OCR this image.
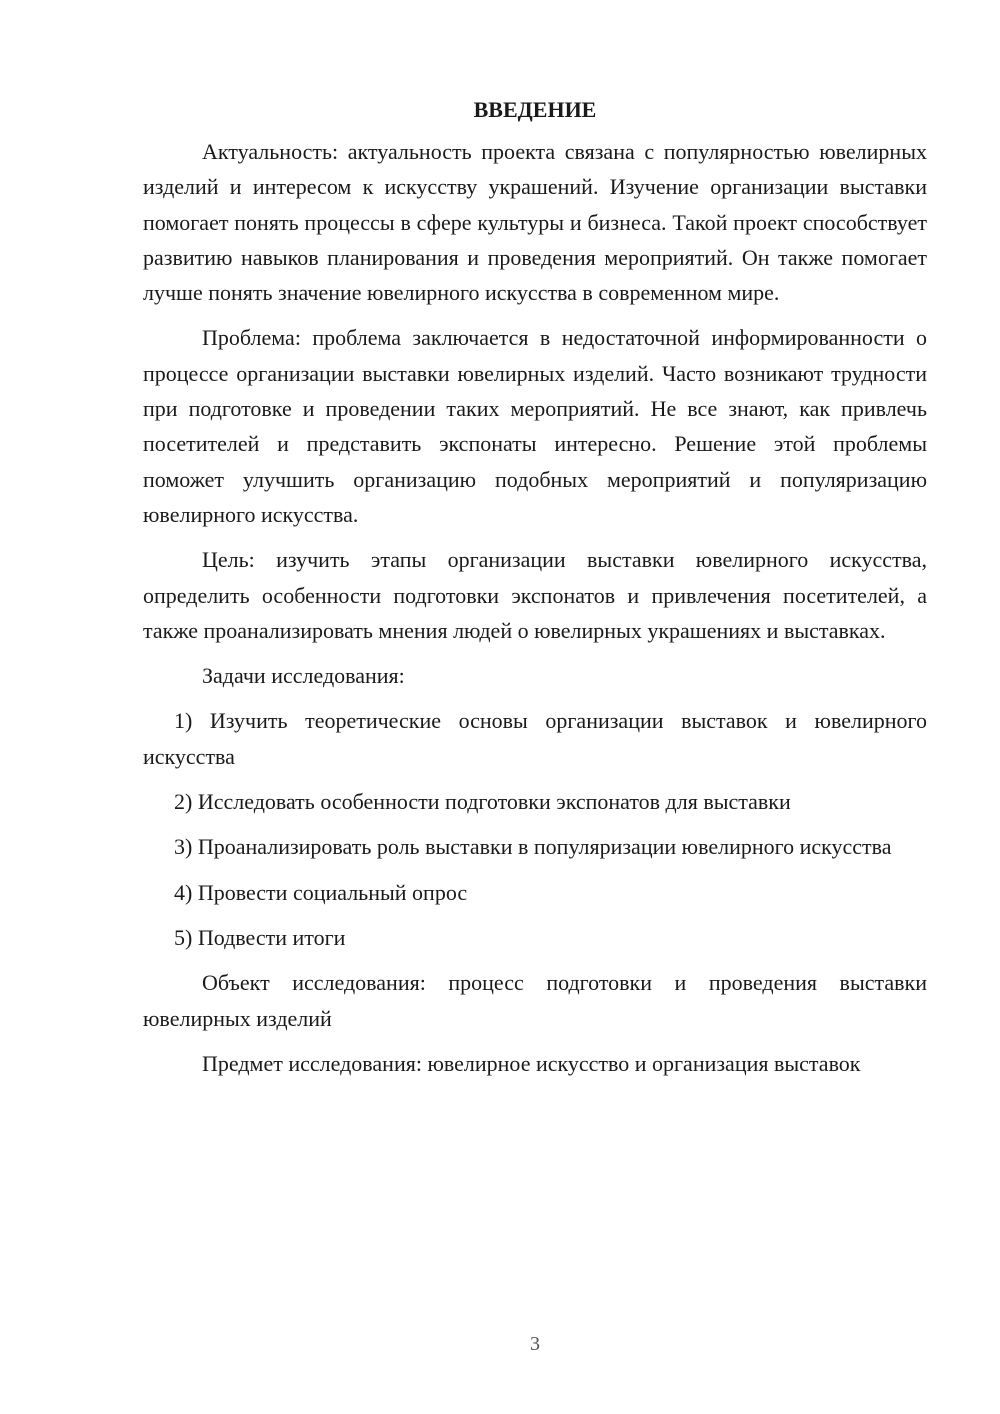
ВВЕДЕНИЕ

Актуальность: актуальность проекта связана с популярностью ювелирных изделий и интересом к искусству украшений. Изучение организации выставки помогает понять процессы в сфере культуры и бизнеса. Такой проект способствует развитию навыков планирования и проведения мероприятий. Он также помогает лучше понять значение ювелирного искусства в современном мире.

Проблема: проблема заключается в недостаточной информированности о процессе организации выставки ювелирных изделий. Часто возникают трудности при подготовке и проведении таких мероприятий. Не все знают, как привлечь посетителей и представить экспонаты интересно. Решение этой проблемы поможет улучшить организацию подобных мероприятий и популяризацию ювелирного искусства.

Цель: изучить этапы организации выставки ювелирного искусства, определить особенности подготовки экспонатов и привлечения посетителей, а также проанализировать мнения людей о ювелирных украшениях и выставках.

Задачи исследования:

1) Изучить теоретические основы организации выставок и ювелирного искусства

2) Исследовать особенности подготовки экспонатов для выставки

3) Проанализировать роль выставки в популяризации ювелирного искусства

4) Провести социальный опрос

5) Подвести итоги

Объект исследования: процесс подготовки и проведения выставки ювелирных изделий

Предмет исследования: ювелирное искусство и организация выставок

3
